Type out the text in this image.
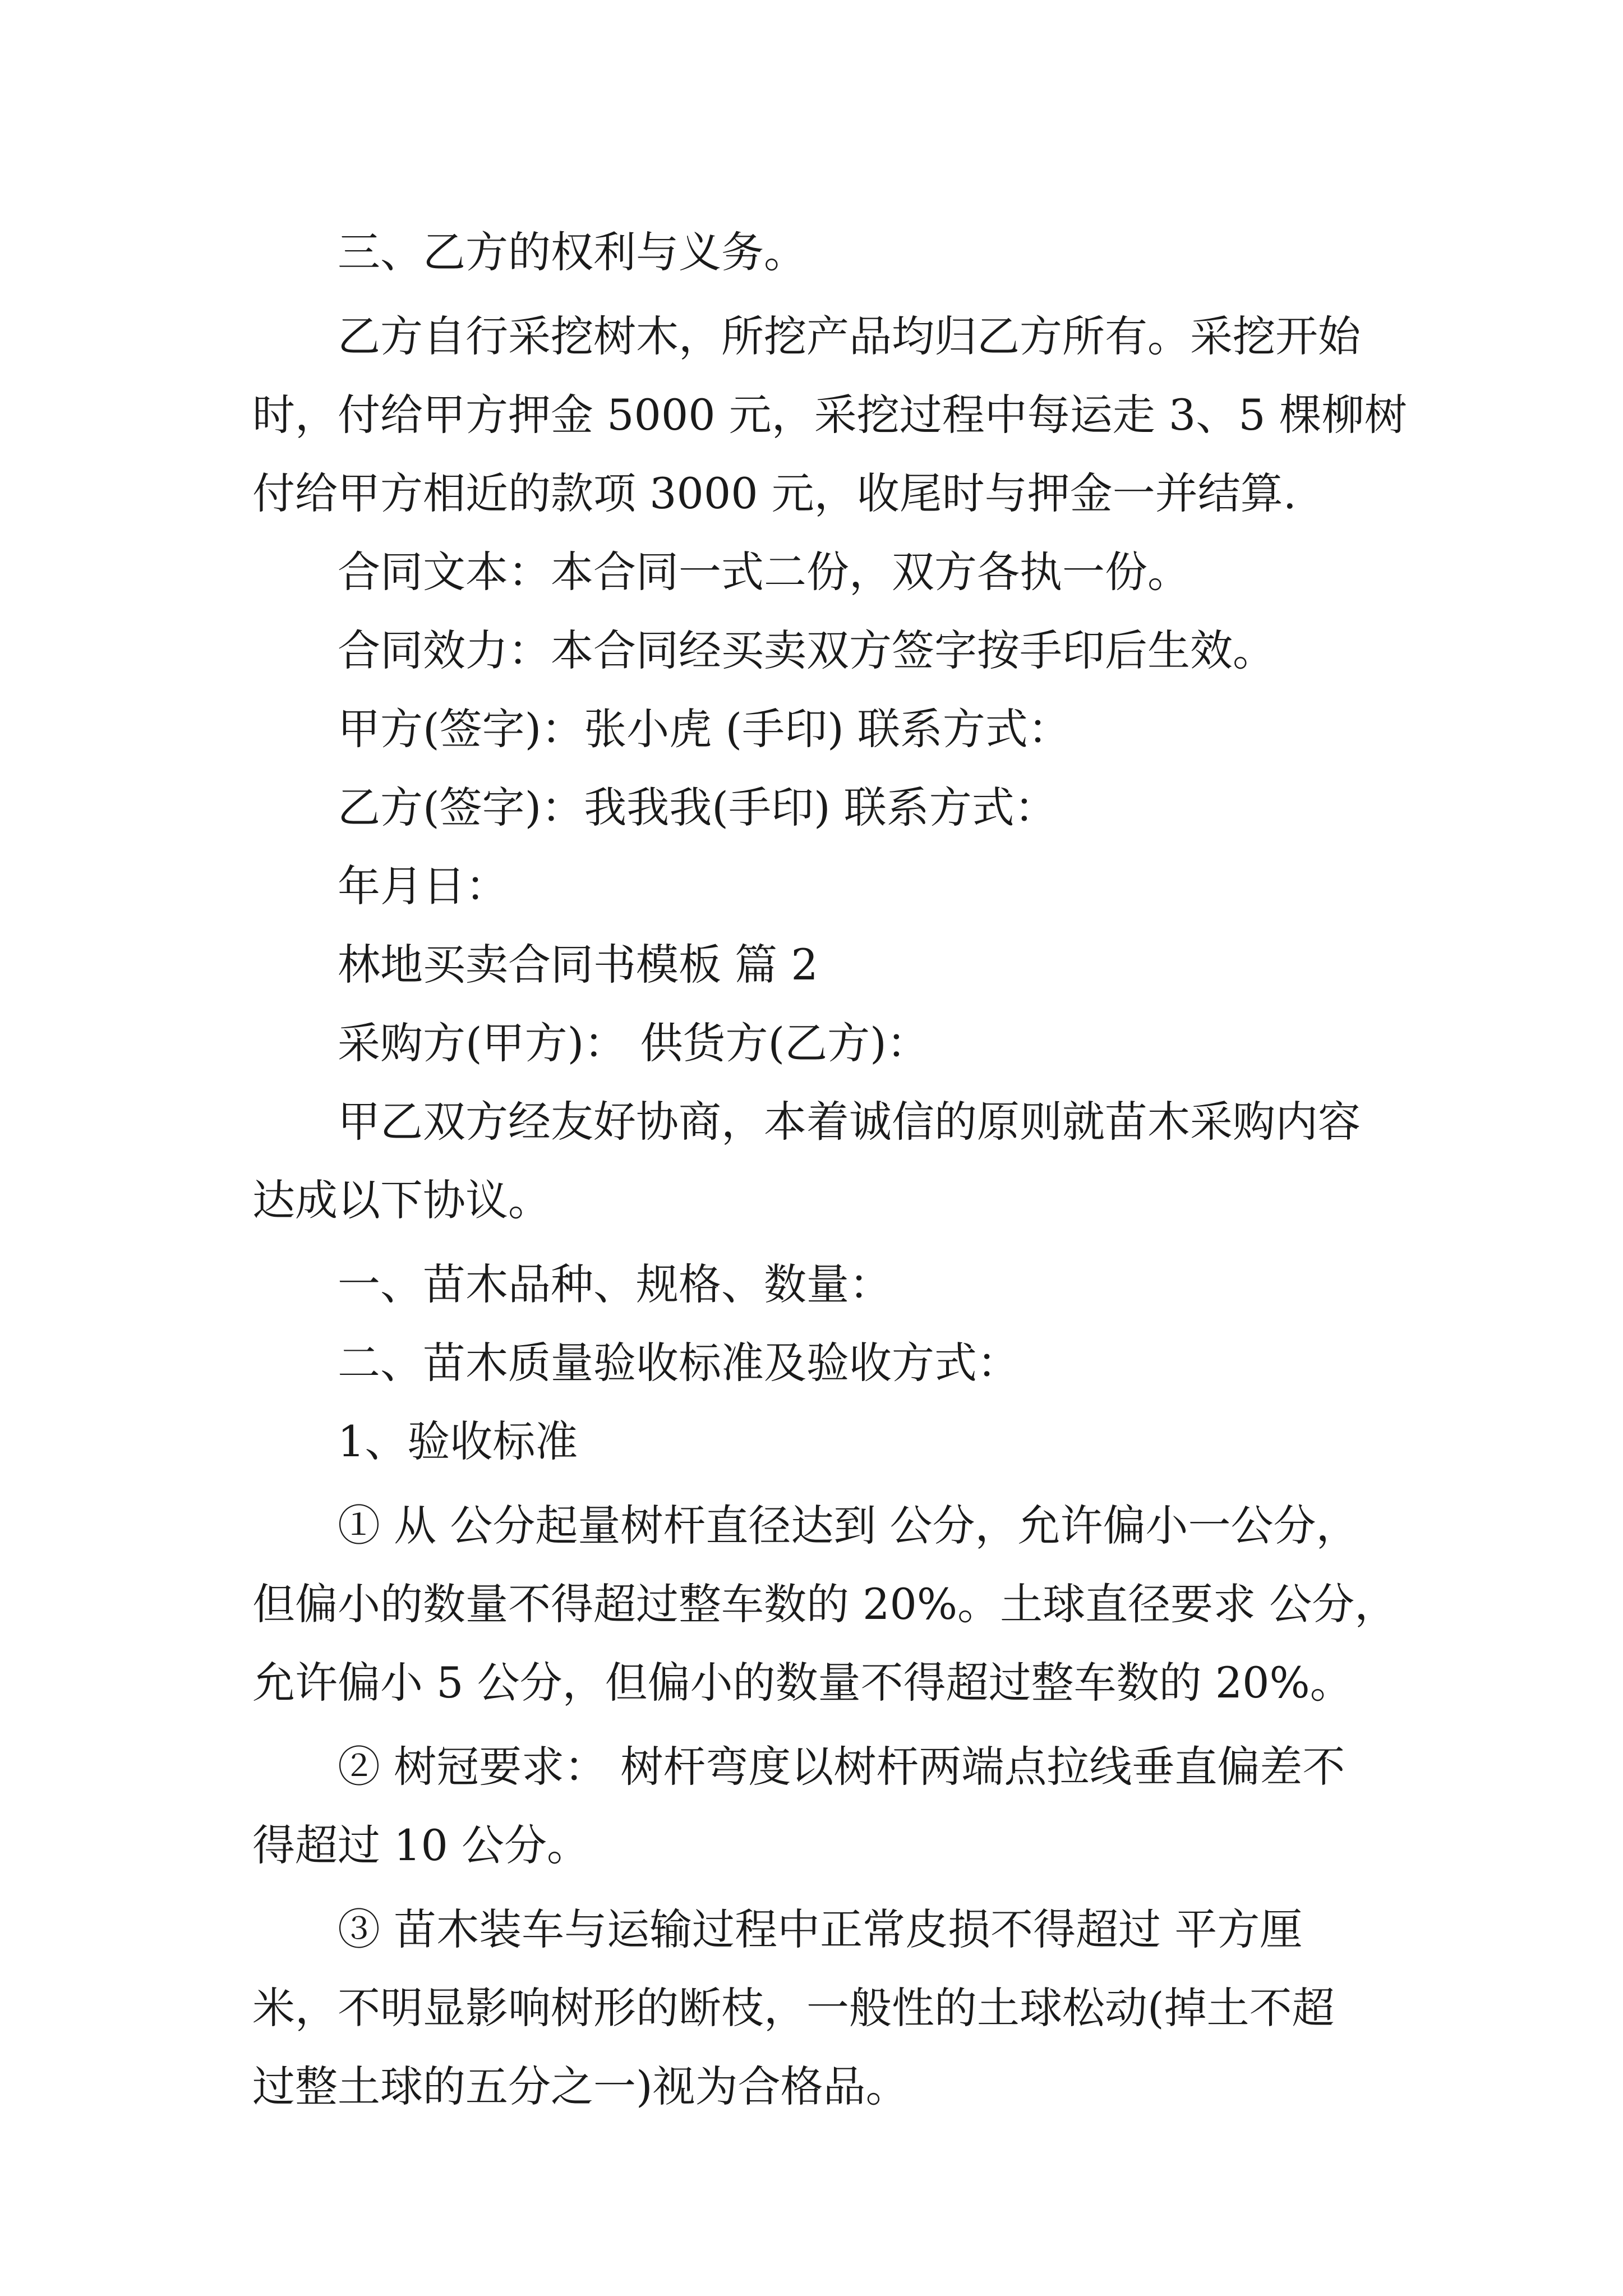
三、乙方的权利与义务。
乙方自行采挖树木，所挖产品均归乙方所有。采挖开始
时，付给甲方押金 5000 元，采挖过程中每运走 3、5 棵柳树
付给甲方相近的款项 3000 元，收尾时与押金一并结算.
合同文本：本合同一式二份，双方各执一份。
合同效力：本合同经买卖双方签字按手印后生效。
甲方(签字)：张小虎 (手印) 联系方式：
乙方(签字)：我我我(手印) 联系方式：
年月日：
林地买卖合同书模板 篇 2
采购方(甲方)： 供货方(乙方)：
甲乙双方经友好协商，本着诚信的原则就苗木采购内容
达成以下协议。
一、苗木品种、规格、数量：
二、苗木质量验收标准及验收方式：
1、验收标准
① 从 公分起量树杆直径达到 公分，允许偏小一公分，
但偏小的数量不得超过整车数的 20%。土球直径要求 公分，
允许偏小 5 公分，但偏小的数量不得超过整车数的 20%。
② 树冠要求： 树杆弯度以树杆两端点拉线垂直偏差不
得超过 10 公分。
③ 苗木装车与运输过程中正常皮损不得超过 平方厘
米，不明显影响树形的断枝，一般性的土球松动(掉土不超
过整土球的五分之一)视为合格品。
